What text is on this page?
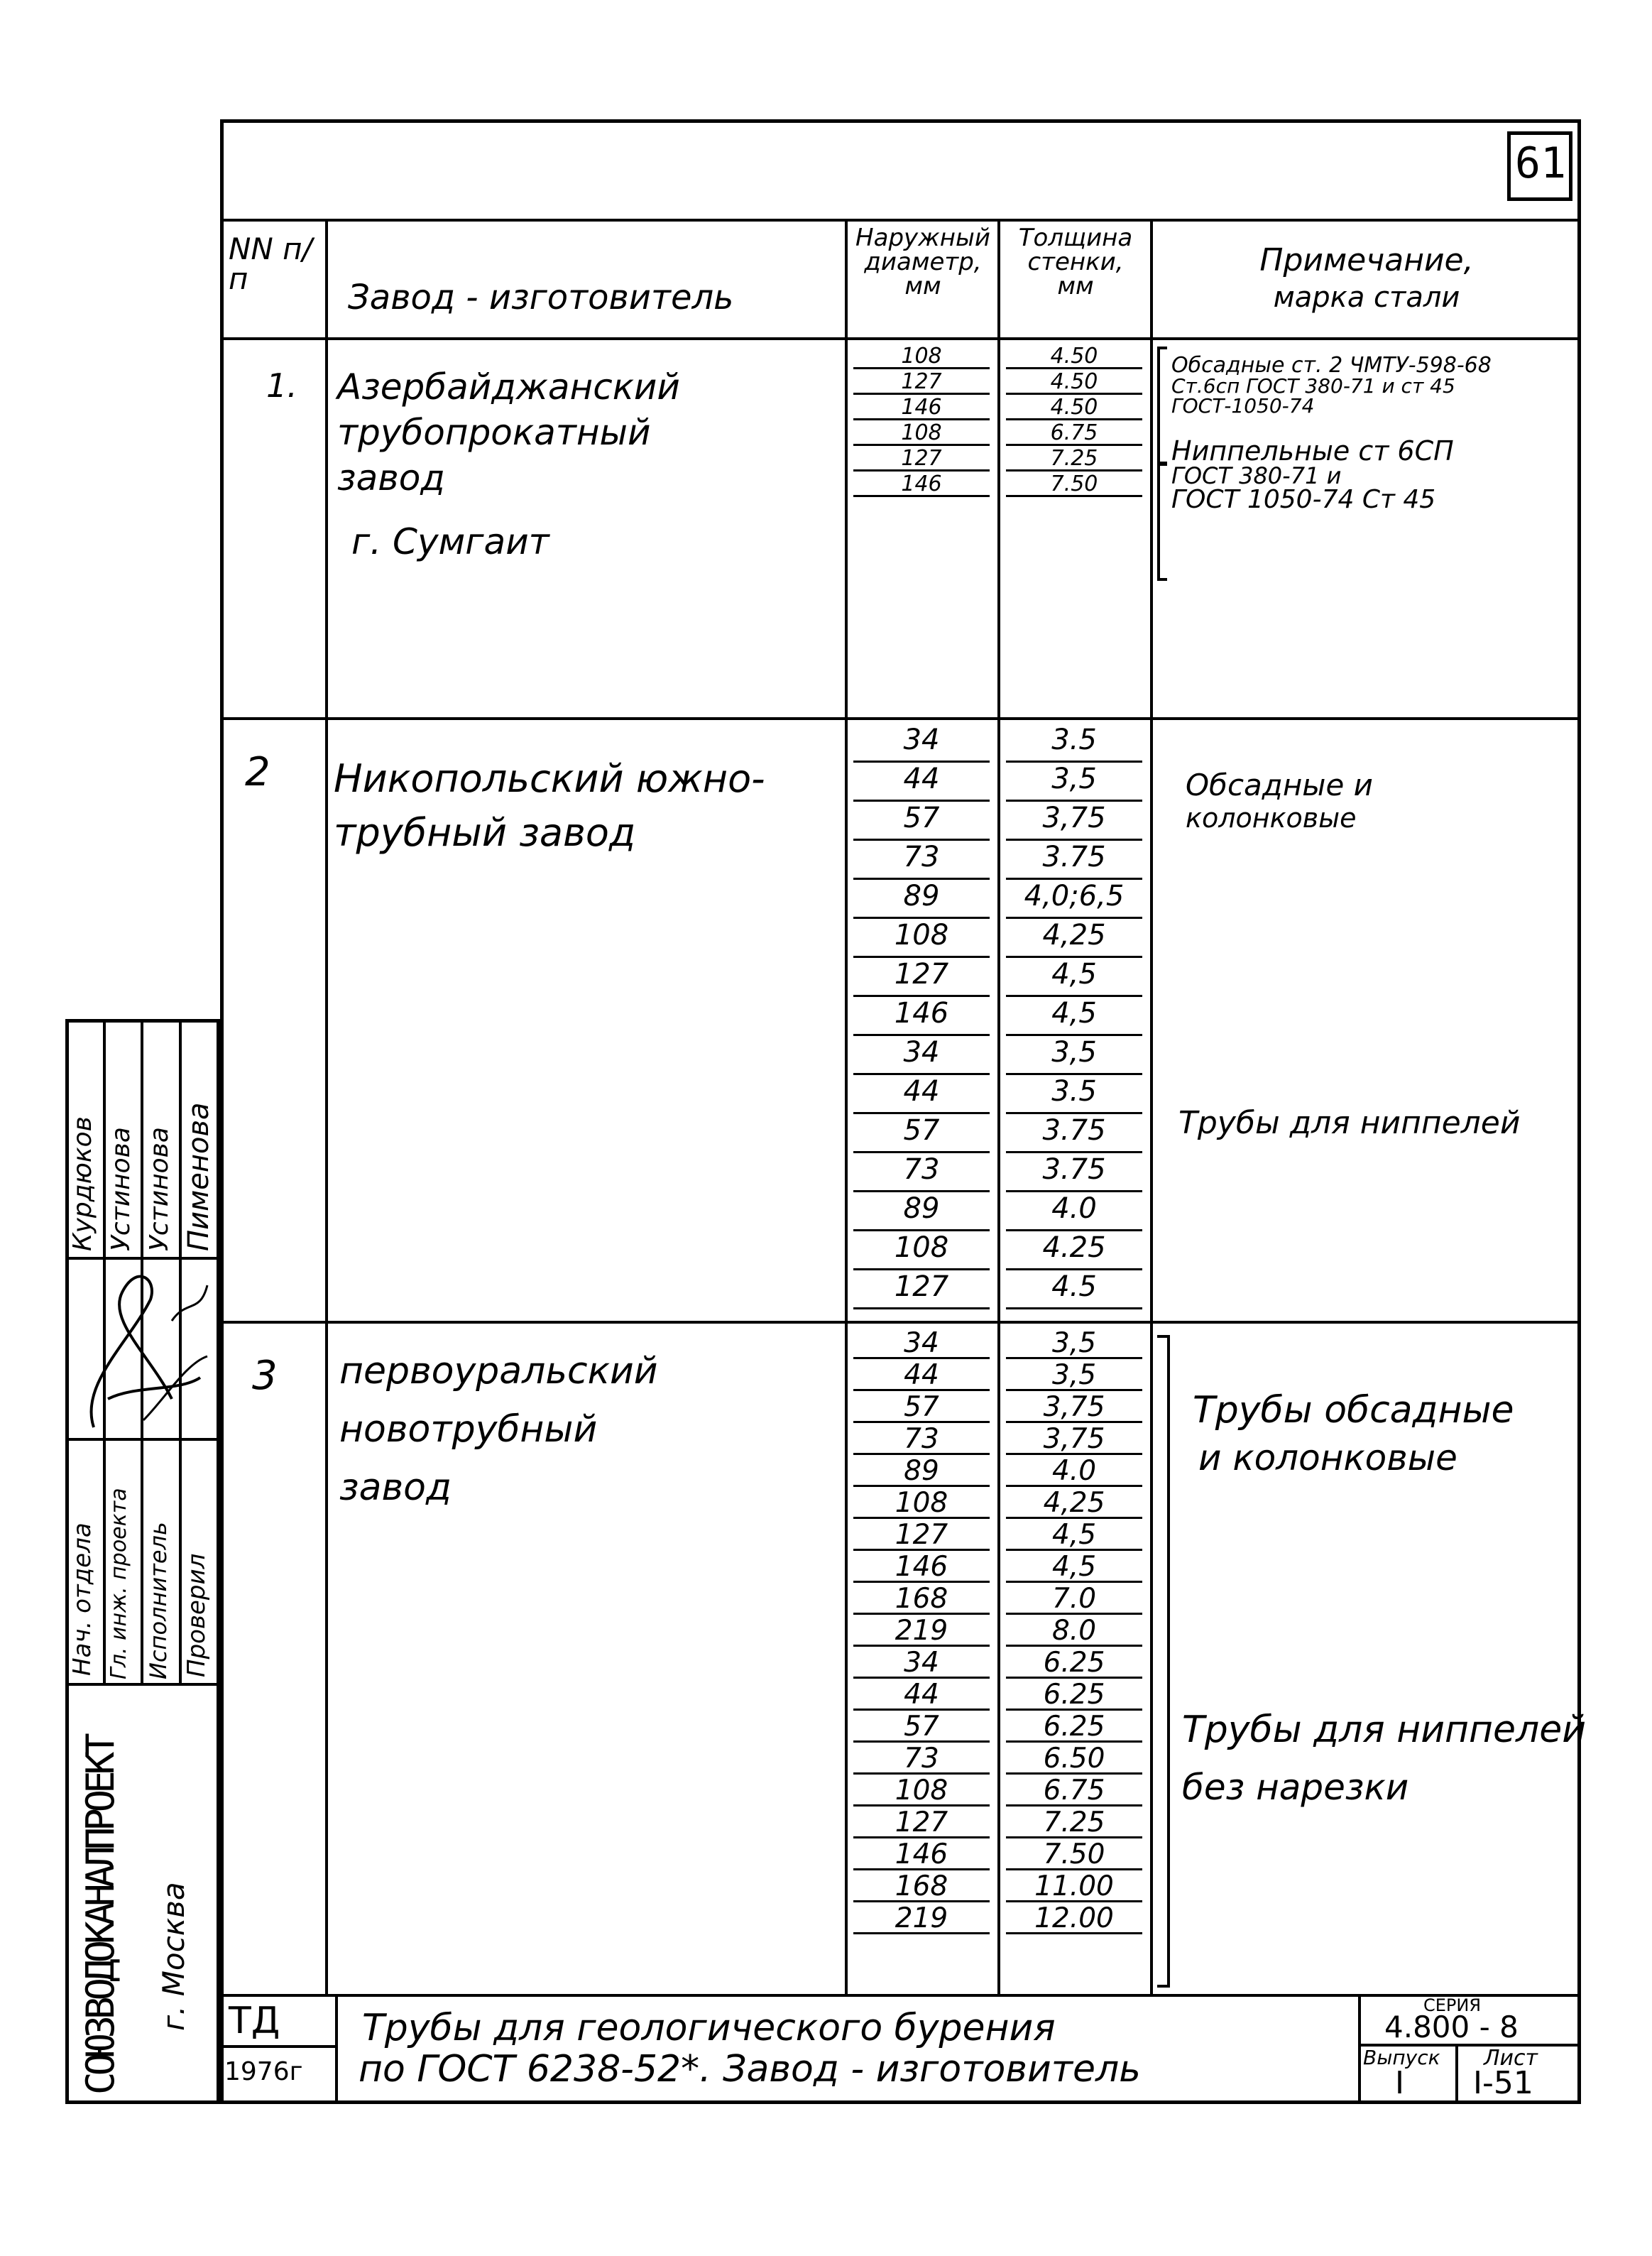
61
NN п/п	Завод - изготовитель
Наружный
диаметр,
мм
Толщина
стенки,
мм
Примечание,
марка стали
1. Азербайджанский
трубопрокатный
завод
г. Сумгаит
108
127
146
108
127
146
4.50
4.50
4.50
6.75
7.25
7.50
Обсадные ст. 2 ЧМТУ-598-68
Ст.6сп ГОСТ 380-71 и ст 45
ГОСТ-1050-74
Ниппельные ст 6СП
ГОСТ 380-71 и
ГОСТ 1050-74 Ст 45
2 Никопольский южно-
трубный завод
34
44
57
73
89
108
127
146
34
44
57
73
89
108
127
3.5
3,5
3,75
3.75
4,0;6,5
4,25
4,5
4,5
3,5
3.5
3.75
3.75
4.0
4.25
4.5
Обсадные и
колонковые
Трубы для ниппелей
3 первоуральский
новотрубный
завод
34
44
57
73
89
108
127
146
168
219
34
44
57
73
108
127
146
168
219
3,5
3,5
3,75
3,75
4.0
4,25
4,5
4,5
7.0
8.0
6.25
6.25
6.25
6.50
6.75
7.25
7.50
11.00
12.00
Трубы обсадные
и колонковые
Трубы для ниппелей
без нарезки
ТД
1976г
Трубы для геологического бурения
по ГОСТ 6238-52*. Завод - изготовитель
СЕРИЯ
4.800 - 8
Выпуск
I
Лист
I-51
Курдюков Устинова Устинова Пименова
Нач. отдела Гл. инж. проекта Исполнитель Проверил
СОЮЗВОДОКАНАЛПРОЕКТ г. Москва
